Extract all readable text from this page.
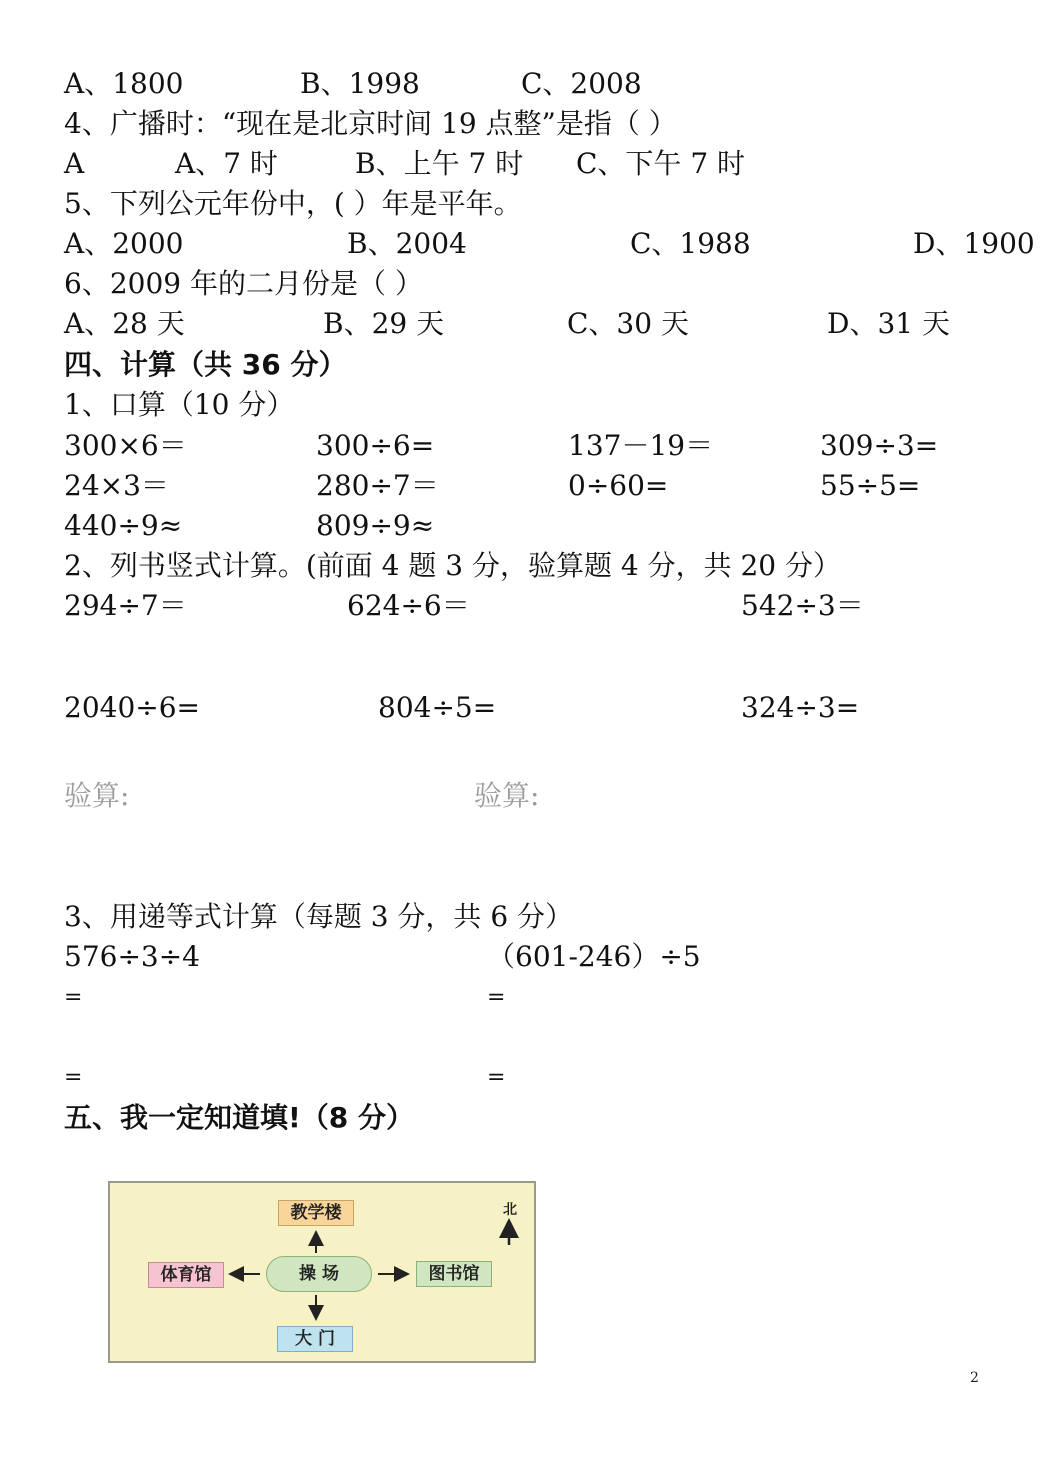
A、1800	B、1998	C、2008
4、广播时：“现在是北京时间 19 点整”是指（ ）
A	A、7 时	B、上午 7 时 C、下午 7 时
5、下列公元年份中，( ）年是平年。
A、2000	B、2004	C、1988	D、1900
6、2009 年的二月份是（ ）
A、28 天	B、29 天	C、30 天	D、31 天
四、计算（共 36 分）
1、口算（10 分）
300×6＝	300÷6=	137－19＝	309÷3=
24×3＝	280÷7＝	0÷60=	55÷5=
440÷9≈	809÷9≈
2、列书竖式计算。(前面 4 题 3 分，验算题 4 分，共 20 分）
294÷7＝	624÷6＝	542÷3＝
2040÷6=	804÷5=	324÷3=
验算:	验算:
3、用递等式计算（每题 3 分，共 6 分）
576÷3÷4	（601-246）÷5
=	=
=	=
五、我一定知道填!（8 分）
教学楼
体育馆	操 场	图书馆
大 门
北
2
